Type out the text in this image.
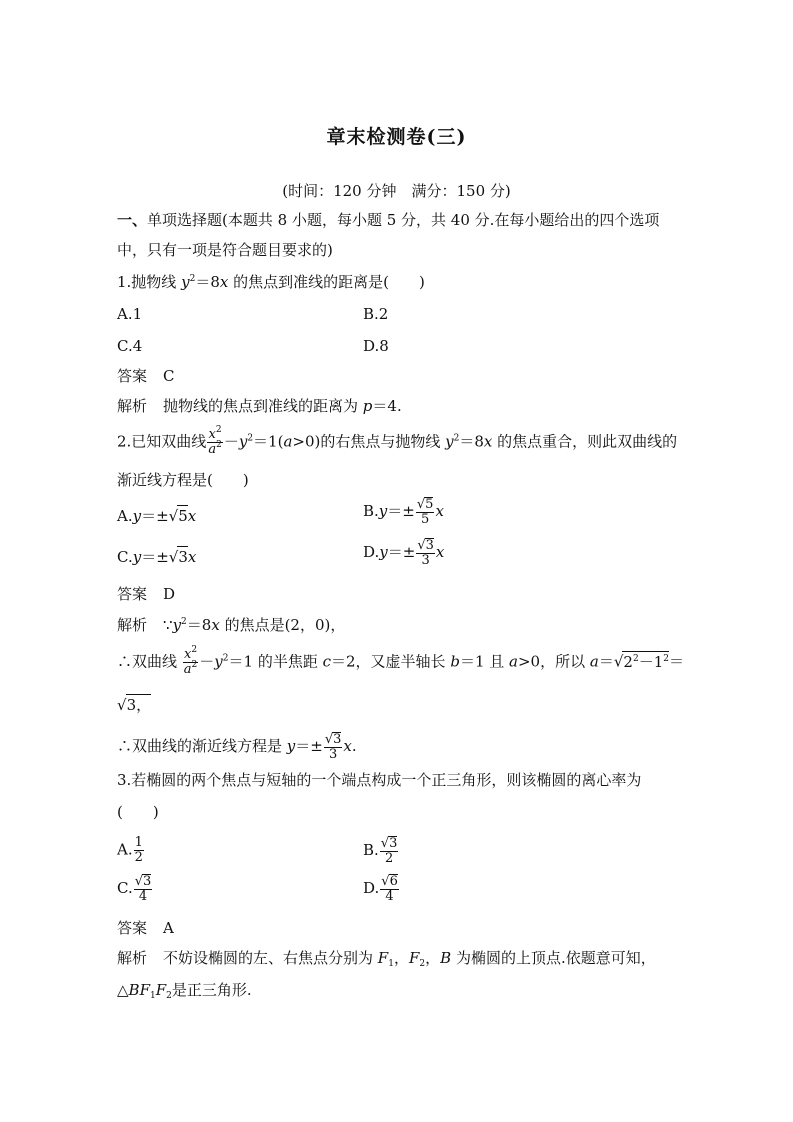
章末检测卷(三)
(时间：120 分钟　满分：150 分)
一、单项选择题(本题共 8 小题，每小题 5 分，共 40 分.在每小题给出的四个选项
中，只有一项是符合题目要求的)
1.抛物线 $y^2=8x$ 的焦点到准线的距离是(　　)
A.1	B.2
C.4	D.8
答案 C
解析 抛物线的焦点到准线的距离为 p＝4.
2.已知双曲线 $\frac{x^2}{a^2} -y^2=1(a>0)$的右焦点与抛物线 $y^2=8x$ 的焦点重合，则此双曲线的
渐近线方程是(　　)
A.y＝±√5x	$B.y=\pm \frac{√5}{5}$ x
C.y＝±√3x	$D.y=\pm \frac{√3}{3}$ x
答案 D
解析 $\because y^2=8x$ 的焦点是(2，0)，
∴双曲线 $\frac{x^2}{a^2} -y^2=1$ 的半焦距 c＝2，又虚半轴长 b＝1 且 a>0，所以 $a=√2^2-1^2=$
√3，
∴双曲线的渐近线方程是 $y=\pm \frac{√3}{3} x$.
3.若椭圆的两个焦点与短轴的一个端点构成一个正三角形，则该椭圆的离心率为
(　　)
A. $\frac{1}{2}$	B. $\frac{√3}{2}$
C. $\frac{√3}{4}$	D. $\frac{√6}{4}$
答案 A
解析 不妨设椭圆的左、右焦点分别为 $F_1$，$F_2$，B 为椭圆的上顶点.依题意可知，
$\triangle BF_1F_2$是正三角形.
